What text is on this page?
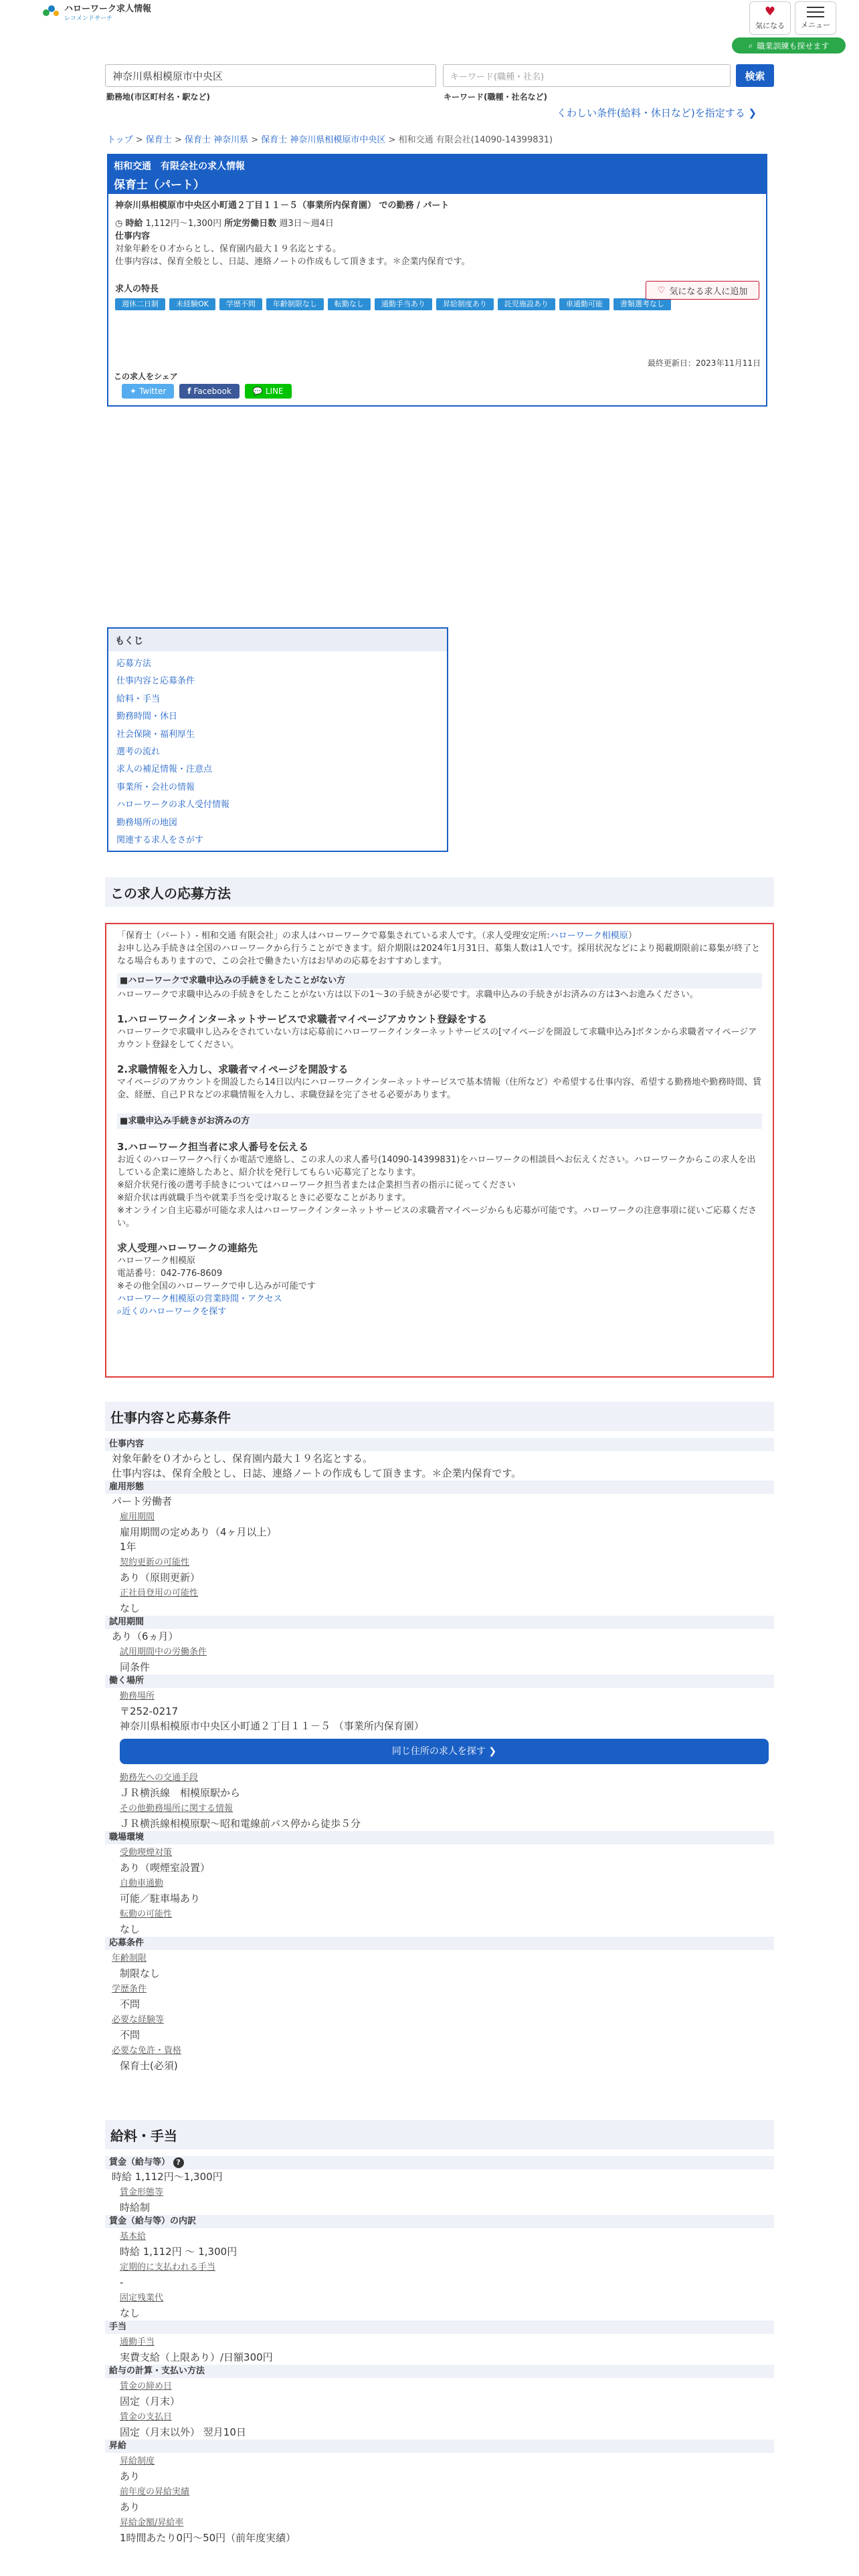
ハローワーク求人情報
レコメンドサーチ
♥
気になる メニュー
⌕ 職業訓練も探せます
神奈川県相模原市中央区	キーワード(職種・社名)	検索
勤務地(市区町村名・駅など)	キーワード(職種・社名など)
くわしい条件(給料・休日など)を指定する ❯
トップ > 保育士 > 保育士 神奈川県 > 保育士 神奈川県相模原市中央区 > 相和交通 有限会社(14090-14399831)
相和交通　有限会社の求人情報
保育士（パート）
神奈川県相模原市中央区小町通２丁目１１－５（事業所内保育園） での勤務 / パート
◷ 時給 1,112円〜1,300円 所定労働日数 週3日〜週4日
仕事内容
対象年齢を０才からとし、保育園内最大１９名迄とする。
仕事内容は、保育全般とし、日誌、連絡ノートの作成もして頂きます。＊企業内保育です。
求人の特長
週休二日制	未経験OK	学歴不問	年齢制限なし	転勤なし	通勤手当あり	昇給制度あり	託児施設あり	車通勤可能	書類選考なし
♡ 気になる求人に追加
最終更新日：2023年11月11日
この求人をシェア
✦ Twitter	f Facebook	💬 LINE
もくじ
応募方法
仕事内容と応募条件
給料・手当
勤務時間・休日
社会保険・福利厚生
選考の流れ
求人の補足情報・注意点
事業所・会社の情報
ハローワークの求人受付情報
勤務場所の地図
関連する求人をさがす
この求人の応募方法
「保育士（パート）- 相和交通 有限会社」の求人はハローワークで募集されている求人です。（求人受理安定所:ハローワーク相模原）
お申し込み手続きは全国のハローワークから行うことができます。紹介期限は2024年1月31日、募集人数は1人です。採用状況などにより掲載期限前に募集が終了となる場合もありますので、この会社で働きたい方はお早めの応募をおすすめします。
■ハローワークで求職申込みの手続きをしたことがない方
ハローワークで求職申込みの手続きをしたことがない方は以下の1〜3の手続きが必要です。求職申込みの手続きがお済みの方は3へお進みください。
1.ハローワークインターネットサービスで求職者マイページアカウント登録をする
ハローワークで求職申し込みをされていない方は応募前にハローワークインターネットサービスの[マイページを開設して求職申込み]ボタンから求職者マイページアカウント登録をしてください。
2.求職情報を入力し、求職者マイページを開設する
マイページのアカウントを開設したら14日以内にハローワークインターネットサービスで基本情報（住所など）や希望する仕事内容、希望する勤務地や勤務時間、賃金、経歴、自己ＰＲなどの求職情報を入力し、求職登録を完了させる必要があります。
■求職申込み手続きがお済みの方
3.ハローワーク担当者に求人番号を伝える
お近くのハローワークへ行くか電話で連絡し、この求人の求人番号(14090-14399831)をハローワークの相談員へお伝えください。ハローワークからこの求人を出している企業に連絡したあと、紹介状を発行してもらい応募完了となります。
※紹介状発行後の選考手続きについてはハローワーク担当者または企業担当者の指示に従ってください
※紹介状は再就職手当や就業手当を受け取るときに必要なことがあります。
※オンライン自主応募が可能な求人はハローワークインターネットサービスの求職者マイページからも応募が可能です。ハローワークの注意事項に従いご応募ください。
求人受理ハローワークの連絡先
ハローワーク相模原
電話番号：042-776-8609
※その他全国のハローワークで申し込みが可能です
ハローワーク相模原の営業時間・アクセス
⌕近くのハローワークを探す
仕事内容と応募条件
仕事内容
対象年齢を０才からとし、保育園内最大１９名迄とする。
仕事内容は、保育全般とし、日誌、連絡ノートの作成もして頂きます。＊企業内保育です。
雇用形態
パート労働者
雇用期間
雇用期間の定めあり（4ヶ月以上）
1年
契約更新の可能性
あり（原則更新）
正社員登用の可能性
なし
試用期間
あり（6ヵ月）
試用期間中の労働条件
同条件
働く場所
勤務場所
〒252-0217
神奈川県相模原市中央区小町通２丁目１１－５ （事業所内保育園）
同じ住所の求人を探す
❯
勤務先への交通手段
ＪＲ横浜線　相模原駅から
その他勤務場所に関する情報
ＪＲ横浜線相模原駅〜昭和電線前バス停から徒歩５分
職場環境
受動喫煙対策
あり（喫煙室設置）
自動車通勤
可能／駐車場あり
転勤の可能性
なし
応募条件
年齢制限
制限なし
学歴条件
不問
必要な経験等
不問
必要な免許・資格
保育士(必須)
給料・手当
賃金（給与等） ?
時給 1,112円〜1,300円
賃金形態等
時給制
賃金（給与等）の内訳
基本給
時給 1,112円 〜 1,300円
定期的に支払われる手当
-
固定残業代
なし
手当
通勤手当
実費支給（上限あり）/日額300円
給与の計算・支払い方法
賃金の締め日
固定（月末）
賃金の支払日
固定（月末以外） 翌月10日
昇給
昇給制度
あり
前年度の昇給実績
あり
昇給金額/昇給率
1時間あたり0円〜50円（前年度実績）
